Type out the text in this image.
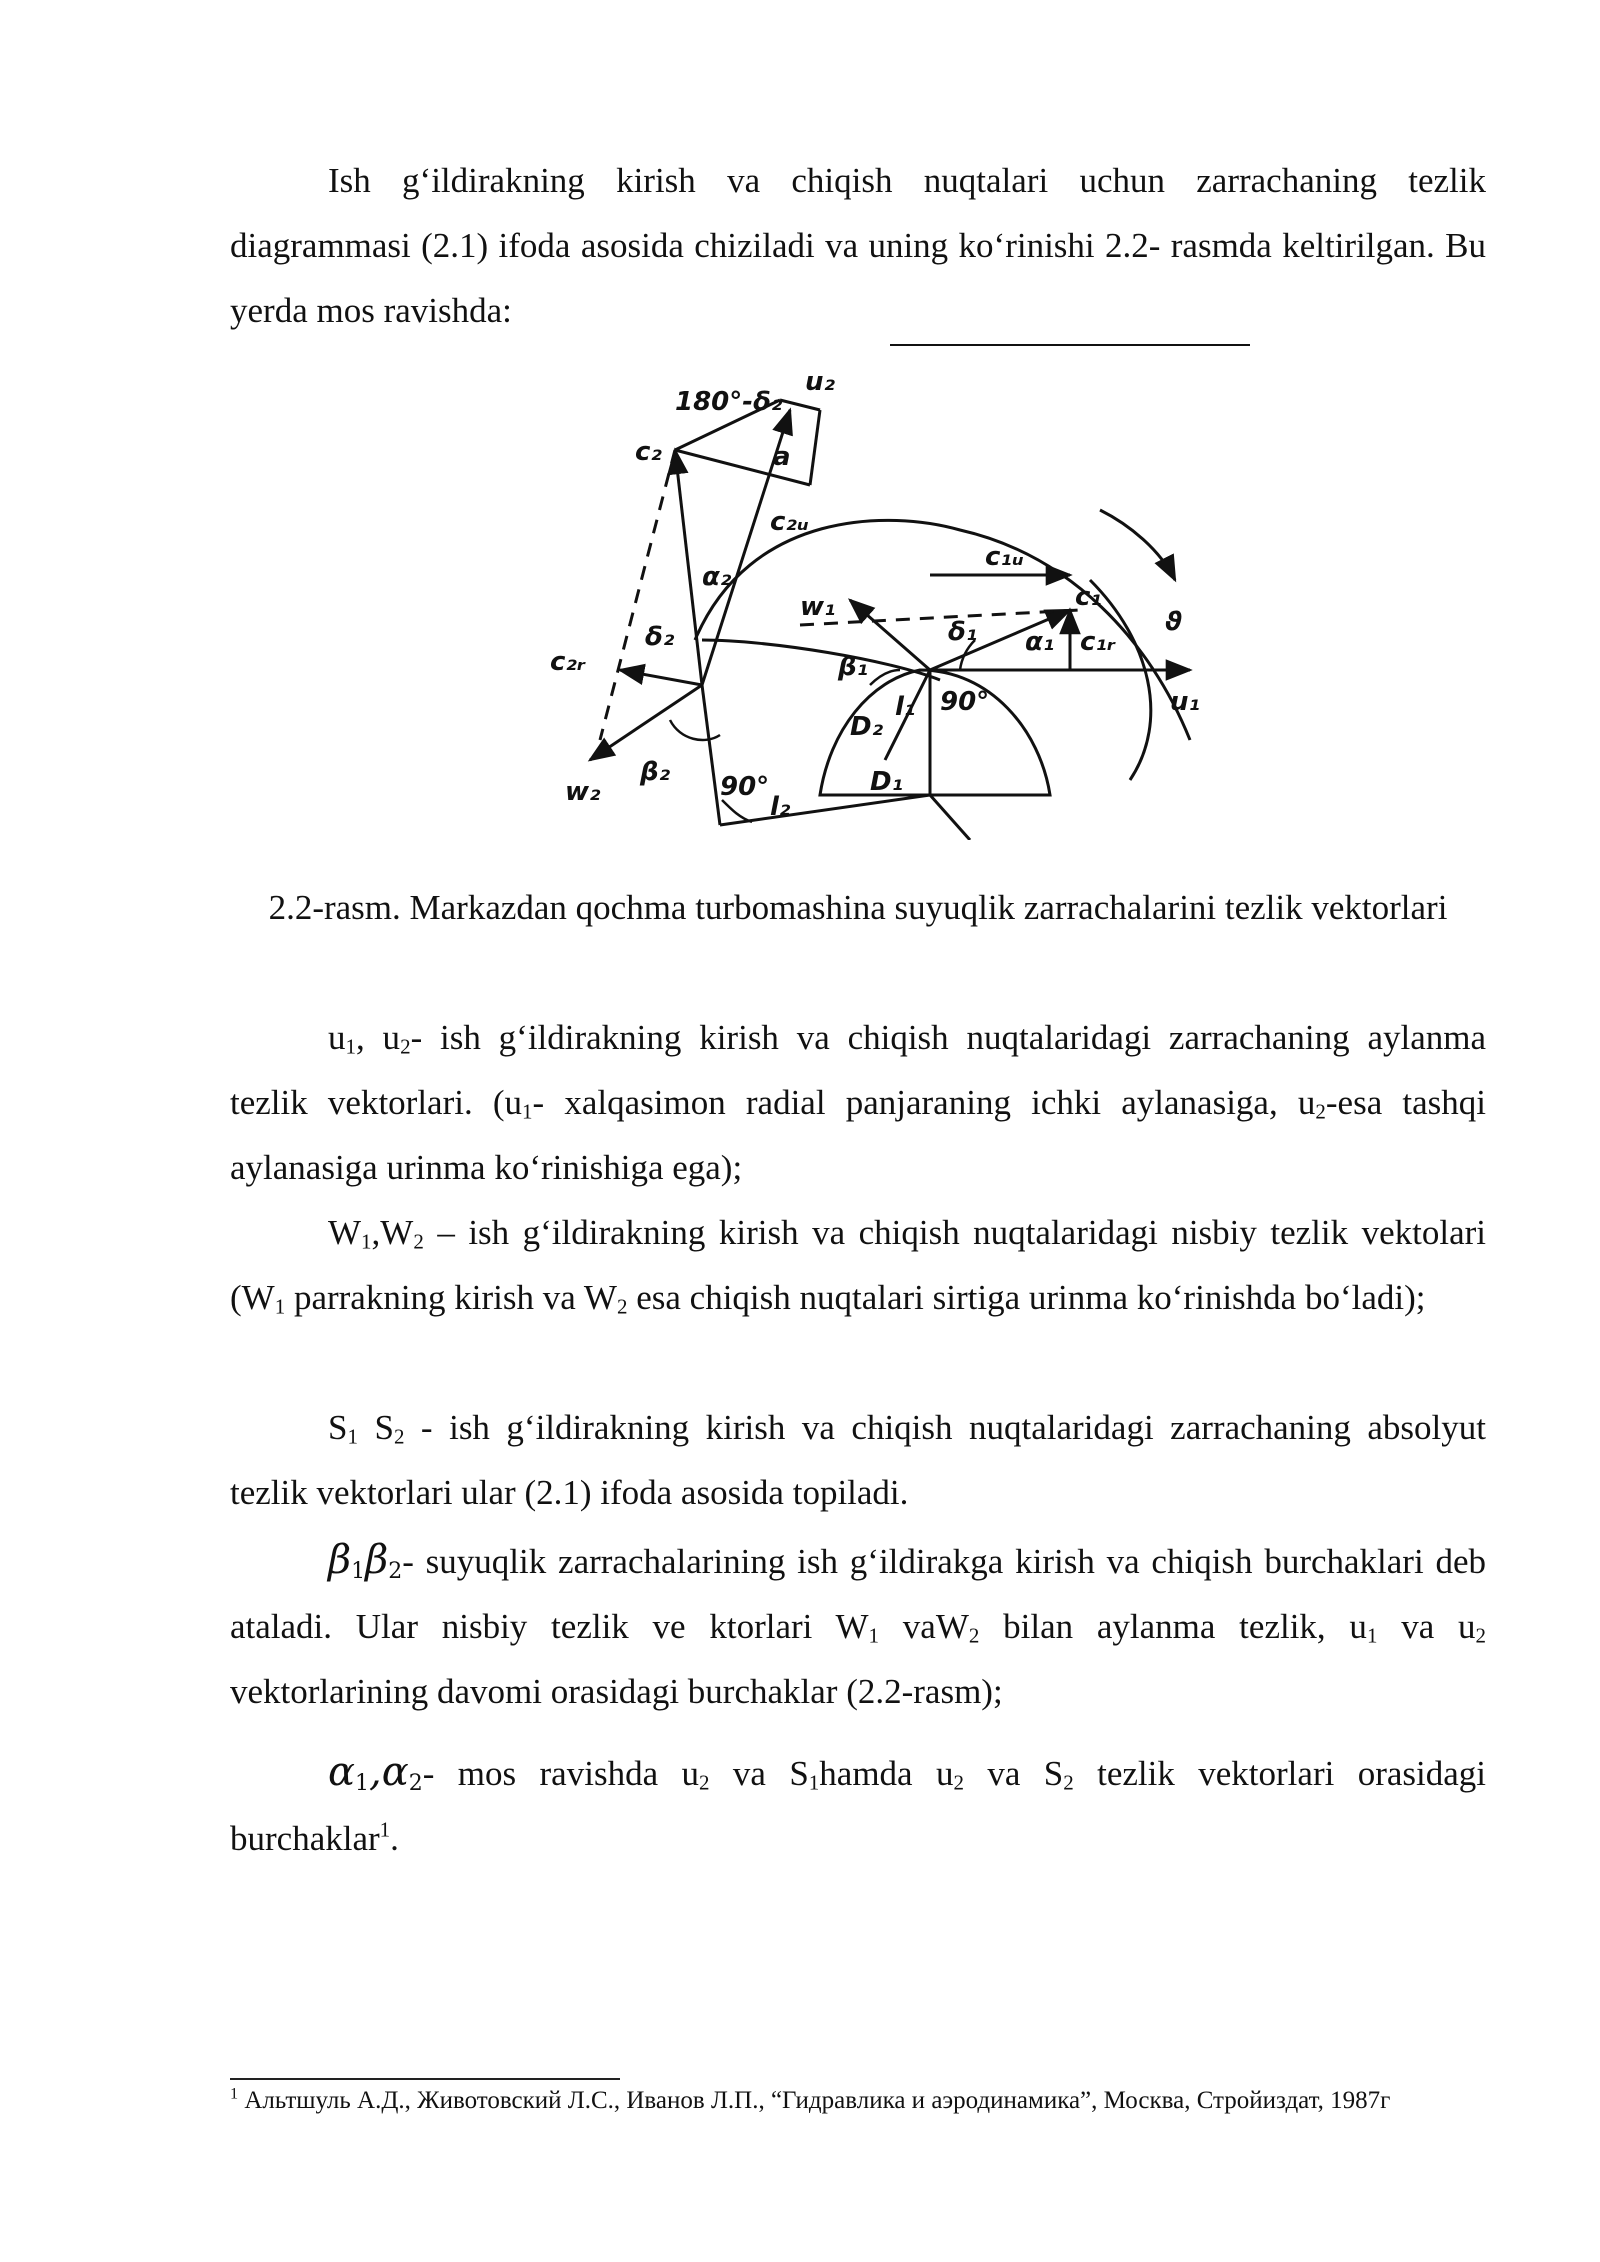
Ish g‘ildirakning kirish va chiqish nuqtalari uchun zarrachaning tezlik diagrammasi (2.1) ifoda asosida chiziladi va uning ko‘rinishi 2.2- rasmda keltirilgan. Bu yerda mos ravishda:

180°-δ₂
u₂
c₂	a
c₂ᵤ
α₂
δ₂
c₂ᵣ
w₂
β₂ 90°
l₂
D₁
D₂
l₁ 90°
β₁
w₁
δ₁ α₁
c₁
c₁ᵤ
c₁ᵣ
u₁
ϑ

2.2-rasm. Markazdan qochma turbomashina suyuqlik zarrachalarini tezlik vektorlari

$u_1$, $u_2-$ ish g‘ildirakning kirish va chiqish nuqtalaridagi zarrachaning aylanma tezlik vektorlari. ($u_1-$ xalqasimon radial panjaraning ichki aylanasiga, $u_2$-esa tashqi aylanasiga urinma ko‘rinishiga ega);

$W_1,W_2$ – ish g‘ildirakning kirish va chiqish nuqtalaridagi nisbiy tezlik vektolari ($W_1$ parrakning kirish va $W_2$ esa chiqish nuqtalari sirtiga urinma ko‘rinishda bo‘ladi);

$S_1$ $S_2$ - ish g‘ildirakning kirish va chiqish nuqtalaridagi zarrachaning absolyut tezlik vektorlari ular (2.1) ifoda asosida topiladi.

$\beta_1\beta_2-$ suyuqlik zarrachalarining ish g‘ildirakga kirish va chiqish burchaklari deb ataladi. Ular nisbiy tezlik ve ktorlari $W_1$ vaW$_2$ bilan aylanma tezlik, $u_1$ va $u_2$ vektorlarining davomi orasidagi burchaklar (2.2-rasm);

$\alpha_1,\alpha_2-$ mos ravishda $u_2$ va $S_1hamda$ $u_2$ va $S_2$ tezlik vektorlari orasidagi burchaklar$^1$.

$^1$ Альтшуль А.Д., Животовский Л.С., Иванов Л.П., “Гидравлика и аэродинамика”, Москва, Стройиздат, 1987г
